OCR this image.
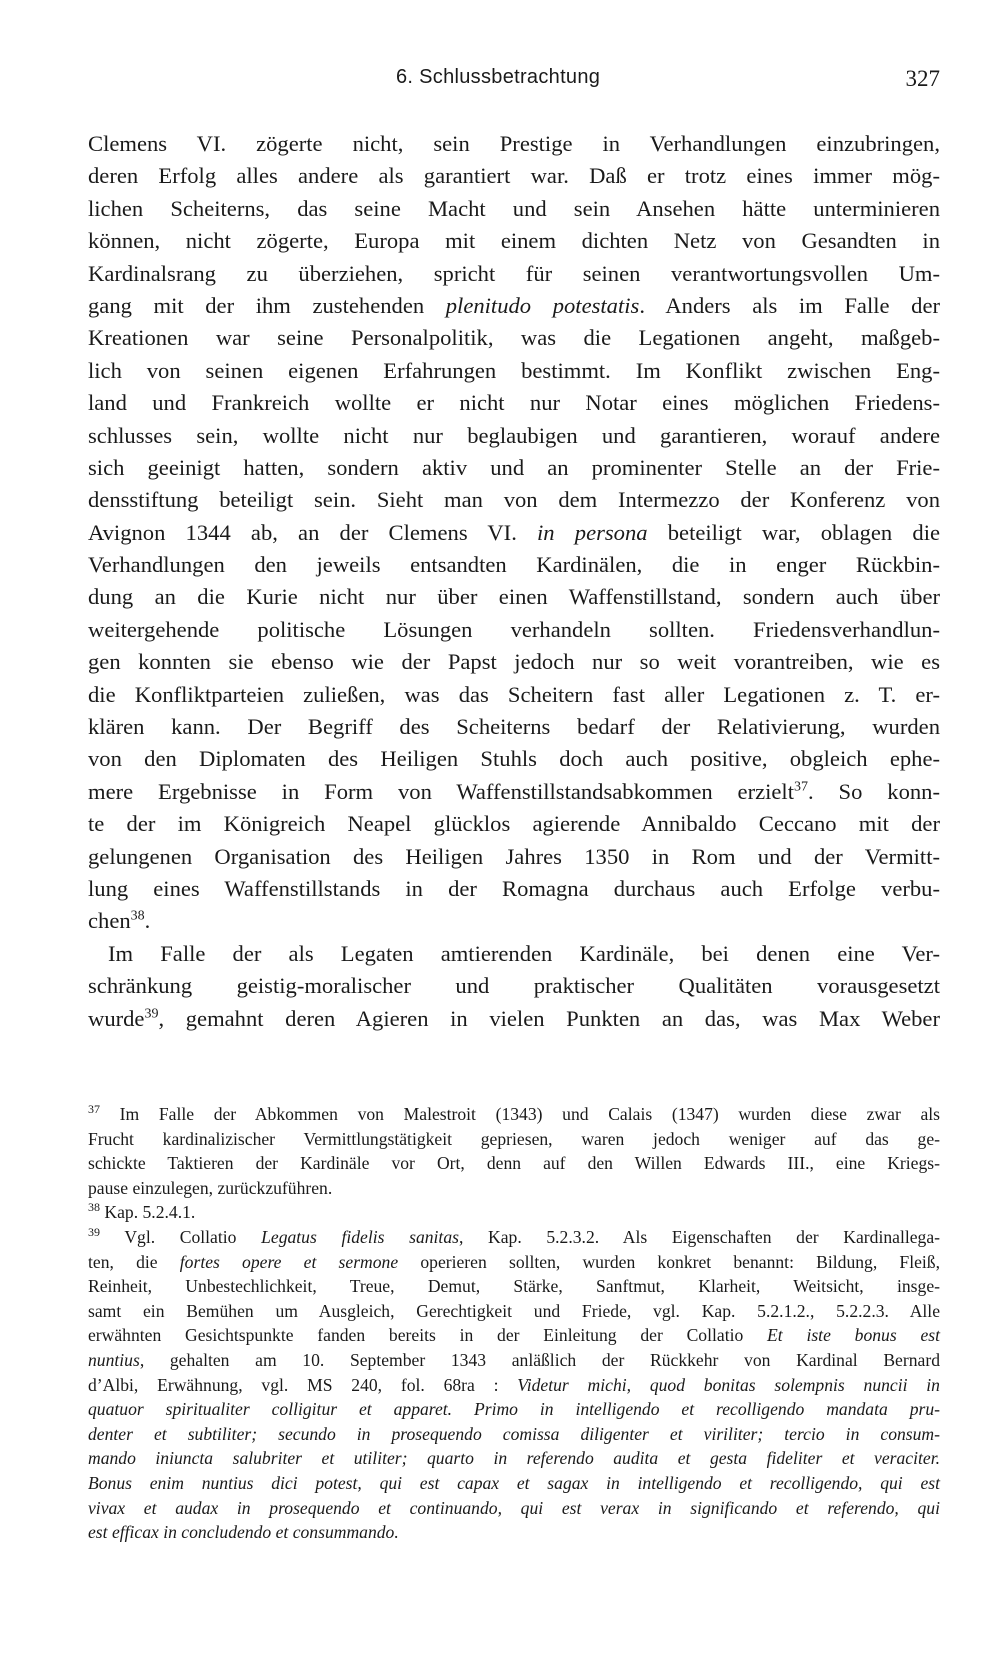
6. Schlussbetrachtung	327
Clemens VI. zögerte nicht, sein Prestige in Verhandlungen einzubringen,
deren Erfolg alles andere als garantiert war. Daß er trotz eines immer mög-
lichen Scheiterns, das seine Macht und sein Ansehen hätte unterminieren
können, nicht zögerte, Europa mit einem dichten Netz von Gesandten in
Kardinalsrang zu überziehen, spricht für seinen verantwortungsvollen Um-
gang mit der ihm zustehenden plenitudo potestatis. Anders als im Falle der
Kreationen war seine Personalpolitik, was die Legationen angeht, maßgeb-
lich von seinen eigenen Erfahrungen bestimmt. Im Konflikt zwischen Eng-
land und Frankreich wollte er nicht nur Notar eines möglichen Friedens-
schlusses sein, wollte nicht nur beglaubigen und garantieren, worauf andere
sich geeinigt hatten, sondern aktiv und an prominenter Stelle an der Frie-
densstiftung beteiligt sein. Sieht man von dem Intermezzo der Konferenz von
Avignon 1344 ab, an der Clemens VI. in persona beteiligt war, oblagen die
Verhandlungen den jeweils entsandten Kardinälen, die in enger Rückbin-
dung an die Kurie nicht nur über einen Waffenstillstand, sondern auch über
weitergehende politische Lösungen verhandeln sollten. Friedensverhandlun-
gen konnten sie ebenso wie der Papst jedoch nur so weit vorantreiben, wie es
die Konfliktparteien zuließen, was das Scheitern fast aller Legationen z. T. er-
klären kann. Der Begriff des Scheiterns bedarf der Relativierung, wurden
von den Diplomaten des Heiligen Stuhls doch auch positive, obgleich ephe-
mere Ergebnisse in Form von Waffenstillstandsabkommen erzielt$^{37}$. So konn-
te der im Königreich Neapel glücklos agierende Annibaldo Ceccano mit der
gelungenen Organisation des Heiligen Jahres 1350 in Rom und der Vermitt-
lung eines Waffenstillstands in der Romagna durchaus auch Erfolge verbu-
chen$^{38}$.
Im Falle der als Legaten amtierenden Kardinäle, bei denen eine Ver-
schränkung geistig-moralischer und praktischer Qualitäten vorausgesetzt
wurde$^{39}$, gemahnt deren Agieren in vielen Punkten an das, was Max Weber
$^{37}$ Im Falle der Abkommen von Malestroit (1343) und Calais (1347) wurden diese zwar als
Frucht kardinalizischer Vermittlungstätigkeit gepriesen, waren jedoch weniger auf das ge-
schickte Taktieren der Kardinäle vor Ort, denn auf den Willen Edwards III., eine Kriegs-
pause einzulegen, zurückzuführen.
$^{38}$ Kap. 5.2.4.1.
$^{39}$ Vgl. Collatio Legatus fidelis sanitas, Kap. 5.2.3.2. Als Eigenschaften der Kardinallega-
ten, die fortes opere et sermone operieren sollten, wurden konkret benannt: Bildung, Fleiß,
Reinheit, Unbestechlichkeit, Treue, Demut, Stärke, Sanftmut, Klarheit, Weitsicht, insge-
samt ein Bemühen um Ausgleich, Gerechtigkeit und Friede, vgl. Kap. 5.2.1.2., 5.2.2.3. Alle
erwähnten Gesichtspunkte fanden bereits in der Einleitung der Collatio Et iste bonus est
nuntius, gehalten am 10. September 1343 anläßlich der Rückkehr von Kardinal Bernard
d’Albi, Erwähnung, vgl. MS 240, fol. 68ra : Videtur michi, quod bonitas solempnis nuncii in
quatuor spiritualiter colligitur et apparet. Primo in intelligendo et recolligendo mandata pru-
denter et subtiliter; secundo in prosequendo comissa diligenter et viriliter; tercio in consum-
mando iniuncta salubriter et utiliter; quarto in referendo audita et gesta fideliter et veraciter.
Bonus enim nuntius dici potest, qui est capax et sagax in intelligendo et recolligendo, qui est
vivax et audax in prosequendo et continuando, qui est verax in significando et referendo, qui
est efficax in concludendo et consummando.
